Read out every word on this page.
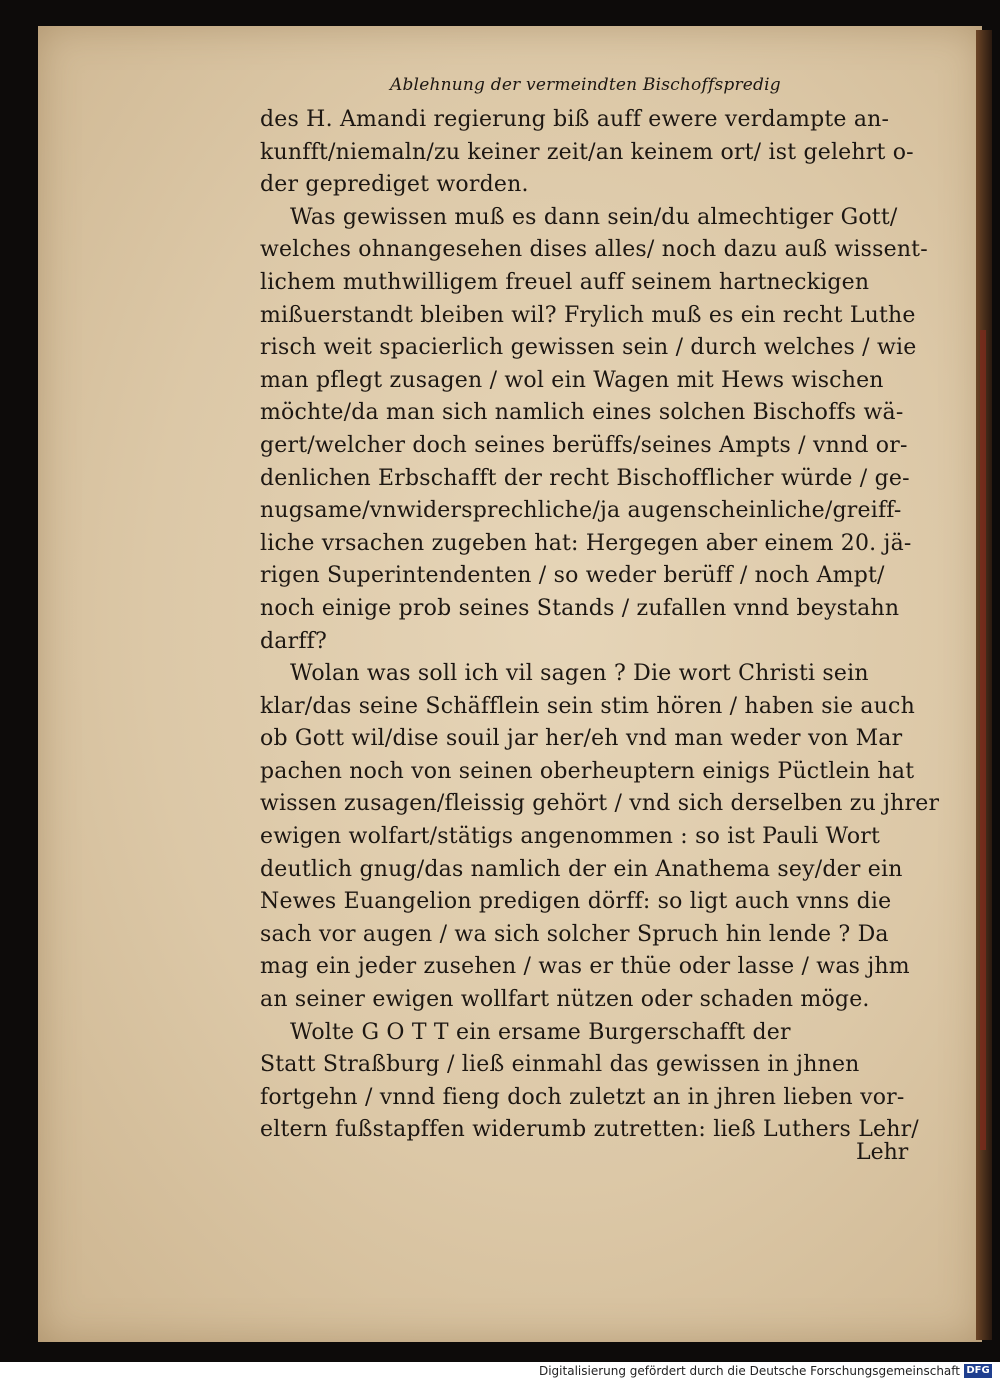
Ablehnung der vermeindten Bischoffspredig
des H. Amandi regierung biß auff ewere verdampte an-
kunfft/niemaln/zu keiner zeit/an keinem ort/ ist gelehrt o-
der geprediget worden.
Was gewissen muß es dann sein/du almechtiger Gott/
welches ohnangesehen dises alles/ noch dazu auß wissent-
lichem muthwilligem freuel auff seinem hartneckigen
mißuerstandt bleiben wil? Frylich muß es ein recht Luthe
risch weit spacierlich gewissen sein / durch welches / wie
man pflegt zusagen / wol ein Wagen mit Hews wischen
möchte/da man sich namlich eines solchen Bischoffs wä-
gert/welcher doch seines berüffs/seines Ampts / vnnd or-
denlichen Erbschafft der recht Bischofflicher würde / ge-
nugsame/vnwidersprechliche/ja augenscheinliche/greiff-
liche vrsachen zugeben hat: Hergegen aber einem 20. jä-
rigen Superintendenten / so weder berüff / noch Ampt/
noch einige prob seines Stands / zufallen vnnd beystahn
darff?
Wolan was soll ich vil sagen ? Die wort Christi sein
klar/das seine Schäfflein sein stim hören / haben sie auch
ob Gott wil/dise souil jar her/eh vnd man weder von Mar
pachen noch von seinen oberheuptern einigs Püctlein hat
wissen zusagen/fleissig gehört / vnd sich derselben zu jhrer
ewigen wolfart/stätigs angenommen : so ist Pauli Wort
deutlich gnug/das namlich der ein Anathema sey/der ein
Newes Euangelion predigen dörff: so ligt auch vnns die
sach vor augen / wa sich solcher Spruch hin lende ? Da
mag ein jeder zusehen / was er thüe oder lasse / was jhm
an seiner ewigen wollfart nützen oder schaden möge.
Wolte G O T T ein ersame Burgerschafft der
Statt Straßburg / ließ einmahl das gewissen in jhnen
fortgehn / vnnd fieng doch zuletzt an in jhren lieben vor-
eltern fußstapffen widerumb zutretten: ließ Luthers Lehr/
Lehr
Digitalisierung gefördert durch die Deutsche Forschungsgemeinschaft DFG
